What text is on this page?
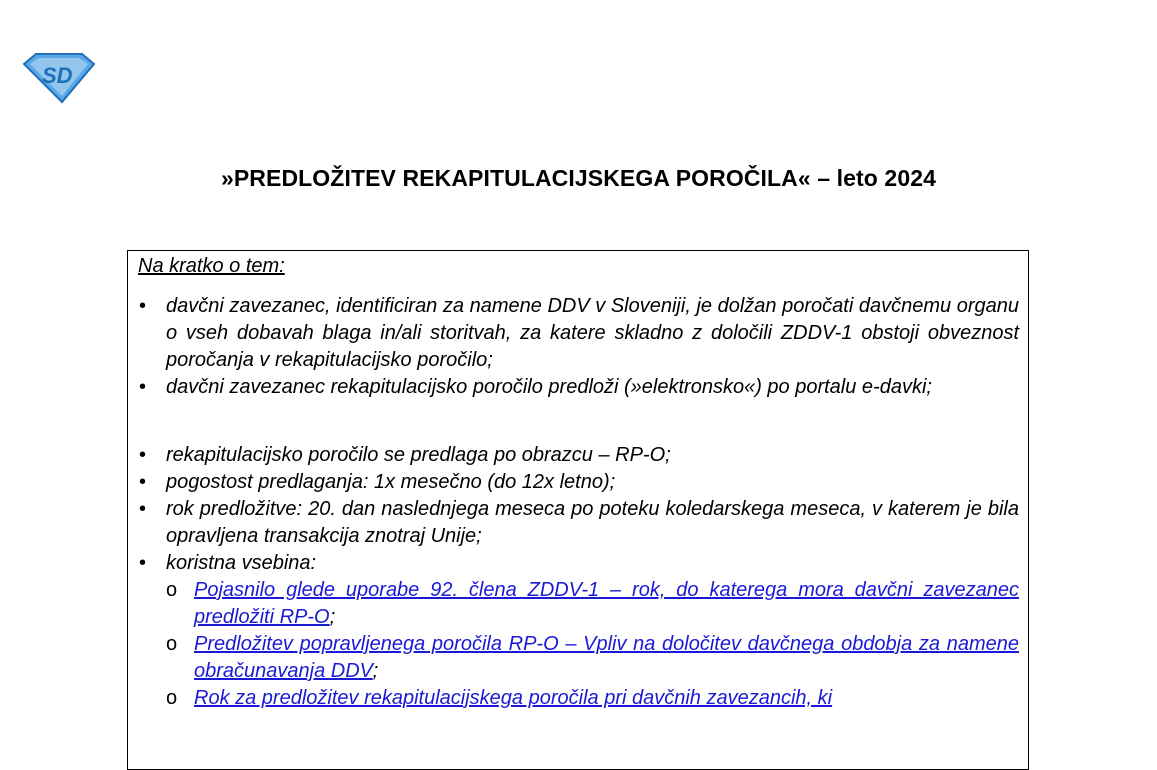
SD
»PREDLOŽITEV REKAPITULACIJSKEGA POROČILA« – leto 2024
Na kratko o tem:
• davčni zavezanec, identificiran za namene DDV v Sloveniji, je dolžan poročati davčnemu organu o vseh dobavah blaga in/ali storitvah, za katere skladno z določili ZDDV-1 obstoji obveznost poročanja v rekapitulacijsko poročilo;
• davčni zavezanec rekapitulacijsko poročilo predloži (»elektronsko«) po portalu e-davki;
• rekapitulacijsko poročilo se predlaga po obrazcu – RP-O;
• pogostost predlaganja: 1x mesečno (do 12x letno);
• rok predložitve: 20. dan naslednjega meseca po poteku koledarskega meseca, v katerem je bila opravljena transakcija znotraj Unije;
• koristna vsebina:
o Pojasnilo glede uporabe 92. člena ZDDV-1 – rok, do katerega mora davčni zavezanec predložiti RP-O;
o Predložitev popravljenega poročila RP-O – Vpliv na določitev davčnega obdobja za namene obračunavanja DDV;
o Rok za predložitev rekapitulacijskega poročila pri davčnih zavezancih, ki
